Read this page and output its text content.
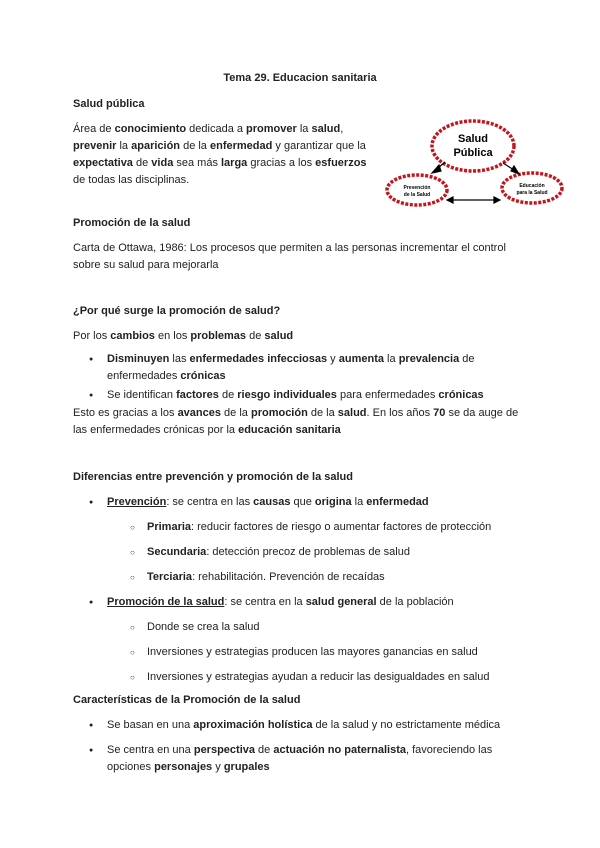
Tema 29. Educacion sanitaria
Salud pública

Área de conocimiento dedicada a promover la salud,
prevenir la aparición de la enfermedad y garantizar que la
expectativa de vida sea más larga gracias a los esfuerzos
de todas las disciplinas.

Salud
Pública
Prevención
de la Salud
Educación
para la Salud
Promoción de la salud

Carta de Ottawa, 1986: Los procesos que permiten a las personas incrementar el control
sobre su salud para mejorarla

¿Por qué surge la promoción de salud?

Por los cambios en los problemas de salud

● Disminuyen las enfermedades infecciosas y aumenta la prevalencia de
enfermedades crónicas
● Se identifican factores de riesgo individuales para enfermedades crónicas

Esto es gracias a los avances de la promoción de la salud. En los años 70 se da auge de
las enfermedades crónicas por la educación sanitaria

Diferencias entre prevención y promoción de la salud
● Prevención: se centra en las causas que origina la enfermedad
○ Primaria: reducir factores de riesgo o aumentar factores de protección
○ Secundaria: detección precoz de problemas de salud
○ Terciaria: rehabilitación. Prevención de recaídas
● Promoción de la salud: se centra en la salud general de la población
○ Donde se crea la salud
○ Inversiones y estrategias producen las mayores ganancias en salud
○ Inversiones y estrategias ayudan a reducir las desigualdades en salud
Características de la Promoción de la salud
● Se basan en una aproximación holística de la salud y no estrictamente médica
● Se centra en una perspectiva de actuación no paternalista, favoreciendo las
opciones personajes y grupales
